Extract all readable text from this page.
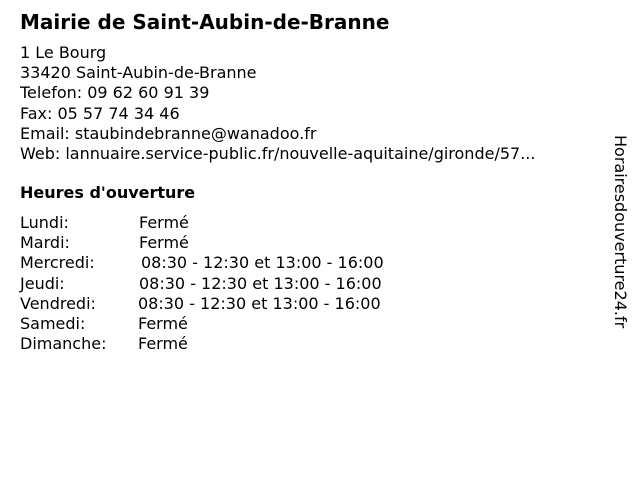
Mairie de Saint-Aubin-de-Branne
1 Le Bourg
33420 Saint-Aubin-de-Branne
Telefon: 09 62 60 91 39
Fax: 05 57 74 34 46
Email: staubindebranne@wanadoo.fr
Web: lannuaire.service-public.fr/nouvelle-aquitaine/gironde/57...
Heures d'ouverture
Lundi:	Fermé
Mardi:	Fermé
Mercredi:	08:30 - 12:30 et 13:00 - 16:00
Jeudi:	08:30 - 12:30 et 13:00 - 16:00
Vendredi:	08:30 - 12:30 et 13:00 - 16:00
Samedi:	Fermé
Dimanche: Fermé
Horairesdouverture24.fr
